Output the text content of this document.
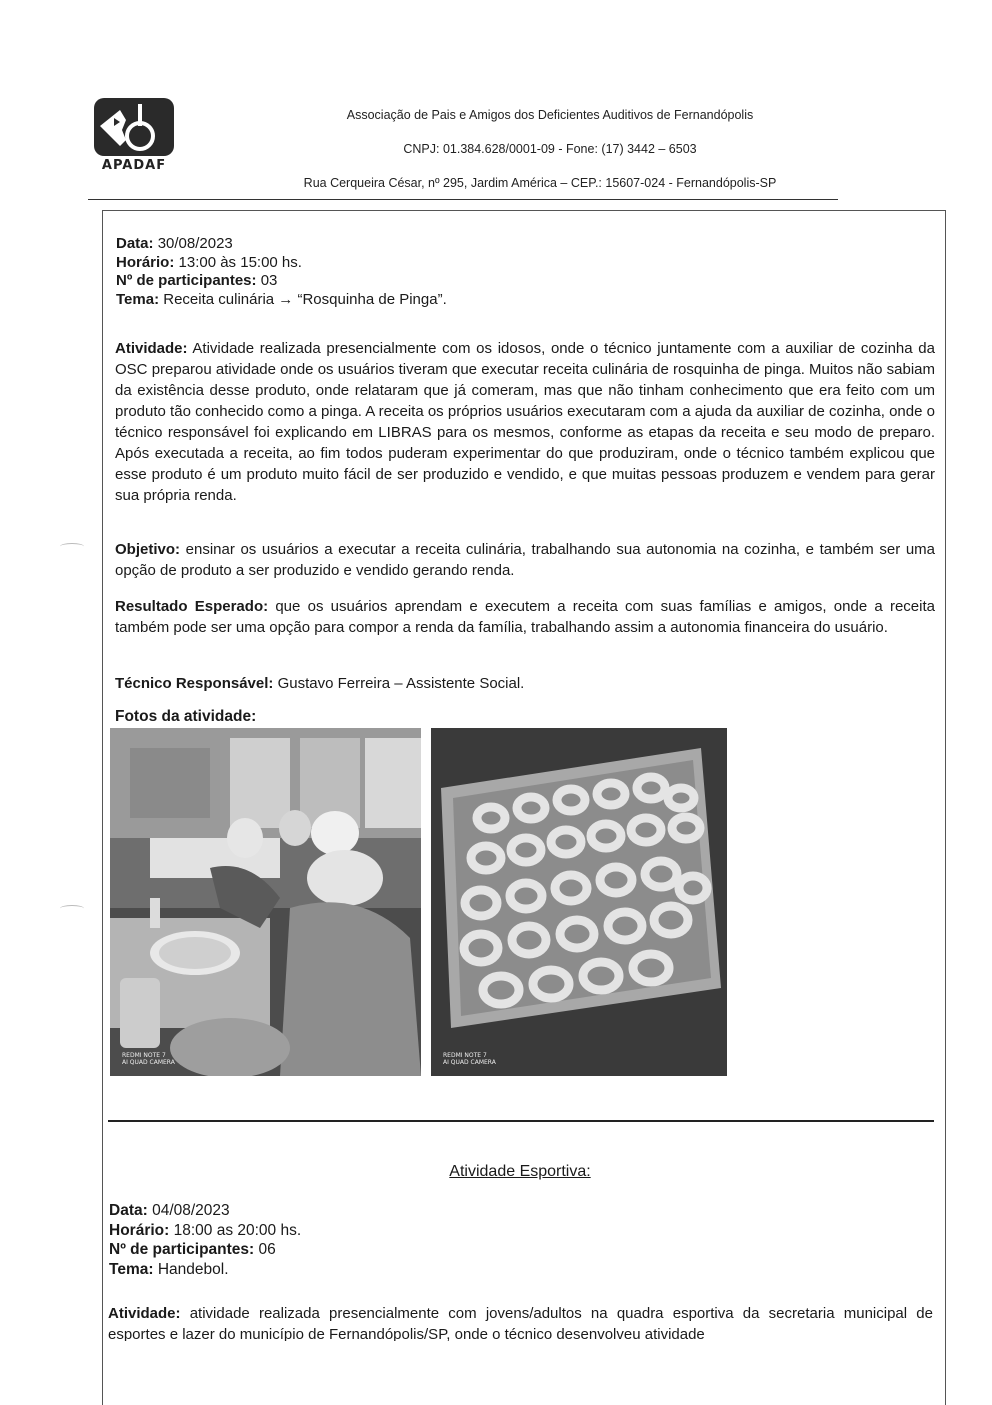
APADAF
Associação de Pais e Amigos dos Deficientes Auditivos de Fernandópolis
CNPJ: 01.384.628/0001-09 - Fone: (17) 3442 – 6503
Rua Cerqueira César, nº 295, Jardim América – CEP.: 15607-024 - Fernandópolis-SP
Data: 30/08/2023
Horário: 13:00 às 15:00 hs.
Nº de participantes: 03
Tema: Receita culinária → “Rosquinha de Pinga”.
Atividade: Atividade realizada presencialmente com os idosos, onde o técnico juntamente com a auxiliar de cozinha da OSC preparou atividade onde os usuários tiveram que executar receita culinária de rosquinha de pinga. Muitos não sabiam da existência desse produto, onde relataram que já comeram, mas que não tinham conhecimento que era feito com um produto tão conhecido como a pinga. A receita os próprios usuários executaram com a ajuda da auxiliar de cozinha, onde o técnico responsável foi explicando em LIBRAS para os mesmos, conforme as etapas da receita e seu modo de preparo. Após executada a receita, ao fim todos puderam experimentar do que produziram, onde o técnico também explicou que esse produto é um produto muito fácil de ser produzido e vendido, e que muitas pessoas produzem e vendem para gerar sua própria renda.
Objetivo: ensinar os usuários a executar a receita culinária, trabalhando sua autonomia na cozinha, e também ser uma opção de produto a ser produzido e vendido gerando renda.
Resultado Esperado: que os usuários aprendam e executem a receita com suas famílias e amigos, onde a receita também pode ser uma opção para compor a renda da família, trabalhando assim a autonomia financeira do usuário.
Técnico Responsável: Gustavo Ferreira – Assistente Social.
Fotos da atividade:
REDMI NOTE 7
AI QUAD CAMERA
REDMI NOTE 7
AI QUAD CAMERA
Atividade Esportiva:
Data: 04/08/2023
Horário: 18:00 as 20:00 hs.
Nº de participantes: 06
Tema: Handebol.
Atividade: atividade realizada presencialmente com jovens/adultos na quadra esportiva da secretaria municipal de esportes e lazer do município de Fernandópolis/SP, onde o técnico desenvolveu atividade
